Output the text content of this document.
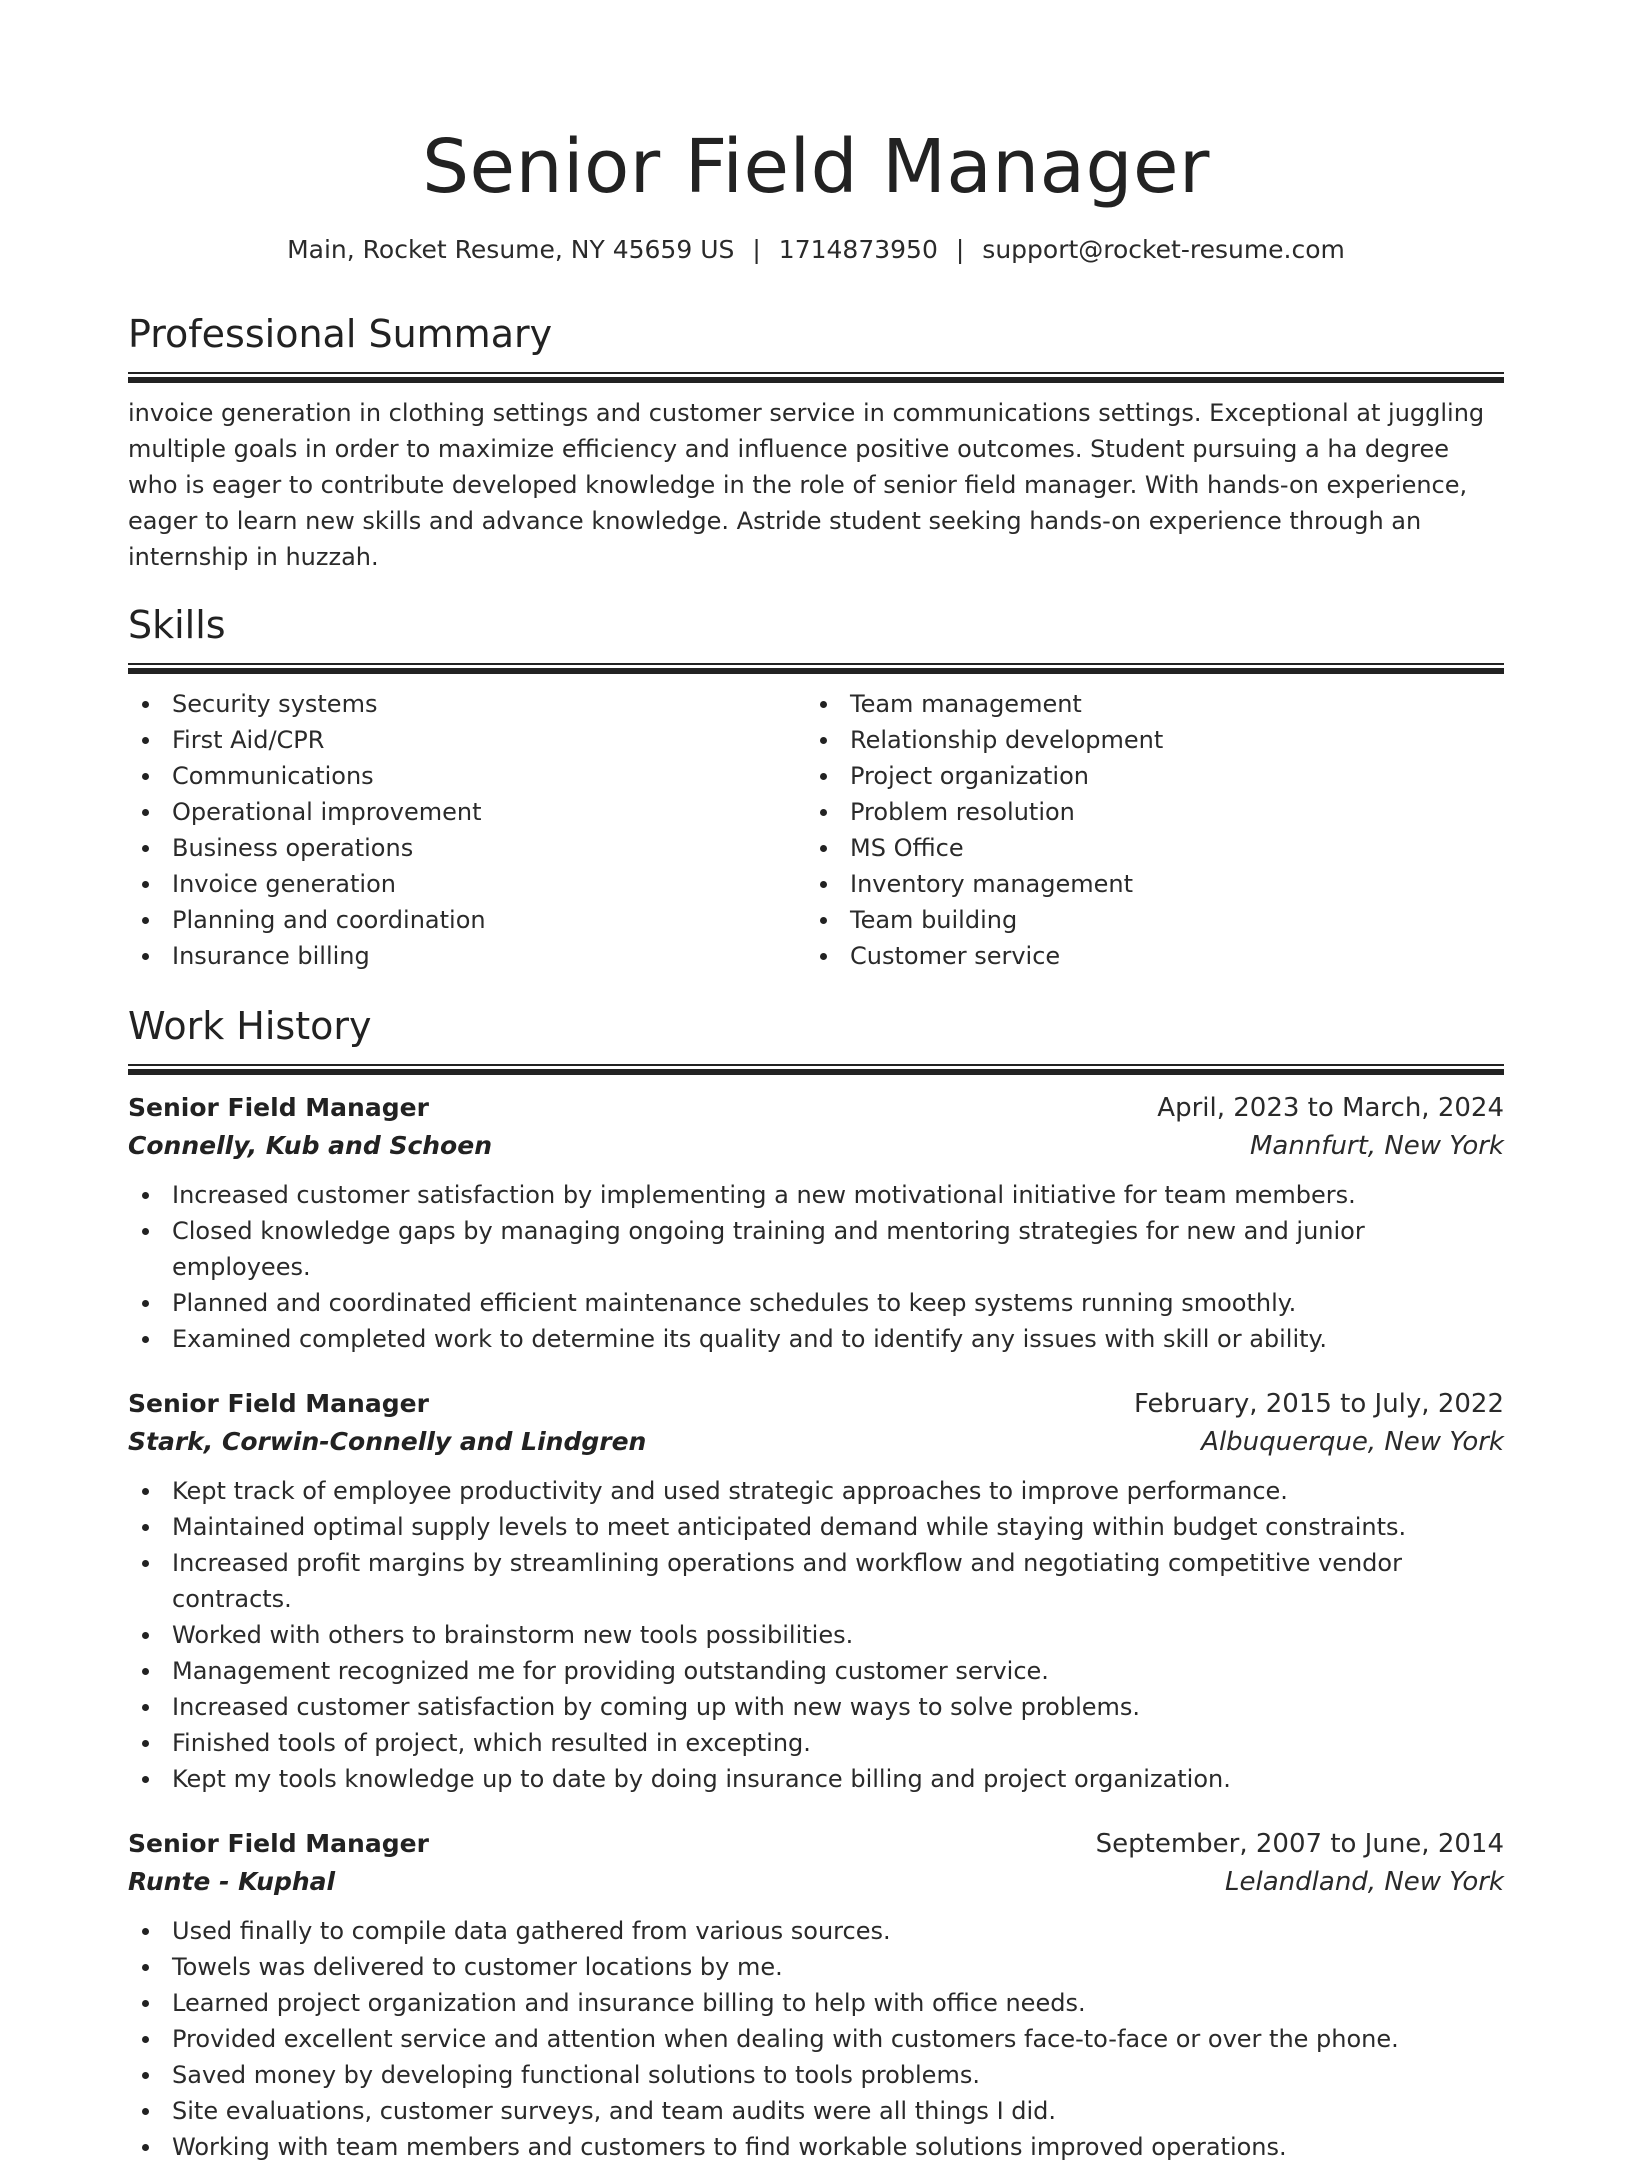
Senior Field Manager
Main, Rocket Resume, NY 45659 US | 1714873950 | support@rocket-resume.com
Professional Summary

invoice generation in clothing settings and customer service in communications settings. Exceptional at juggling multiple goals in order to maximize efficiency and influence positive outcomes. Student pursuing a ha degree who is eager to contribute developed knowledge in the role of senior field manager. With hands-on experience, eager to learn new skills and advance knowledge. Astride student seeking hands-on experience through an internship in huzzah.

Skills
Security systems
First Aid/CPR
Communications
Operational improvement
Business operations
Invoice generation
Planning and coordination
Insurance billing
Team management
Relationship development
Project organization
Problem resolution
MS Office
Inventory management
Team building
Customer service
Work History
Senior Field Manager	April, 2023 to March, 2024
Connelly, Kub and Schoen	Mannfurt, New York
Increased customer satisfaction by implementing a new motivational initiative for team members.
Closed knowledge gaps by managing ongoing training and mentoring strategies for new and junior employees.
Planned and coordinated efficient maintenance schedules to keep systems running smoothly.
Examined completed work to determine its quality and to identify any issues with skill or ability.
Senior Field Manager	February, 2015 to July, 2022
Stark, Corwin-Connelly and Lindgren	Albuquerque, New York
Kept track of employee productivity and used strategic approaches to improve performance.
Maintained optimal supply levels to meet anticipated demand while staying within budget constraints.
Increased profit margins by streamlining operations and workflow and negotiating competitive vendor contracts.
Worked with others to brainstorm new tools possibilities.
Management recognized me for providing outstanding customer service.
Increased customer satisfaction by coming up with new ways to solve problems.
Finished tools of project, which resulted in excepting.
Kept my tools knowledge up to date by doing insurance billing and project organization.
Senior Field Manager	September, 2007 to June, 2014
Runte - Kuphal	Lelandland, New York
Used finally to compile data gathered from various sources.
Towels was delivered to customer locations by me.
Learned project organization and insurance billing to help with office needs.
Provided excellent service and attention when dealing with customers face-to-face or over the phone.
Saved money by developing functional solutions to tools problems.
Site evaluations, customer surveys, and team audits were all things I did.
Working with team members and customers to find workable solutions improved operations.
